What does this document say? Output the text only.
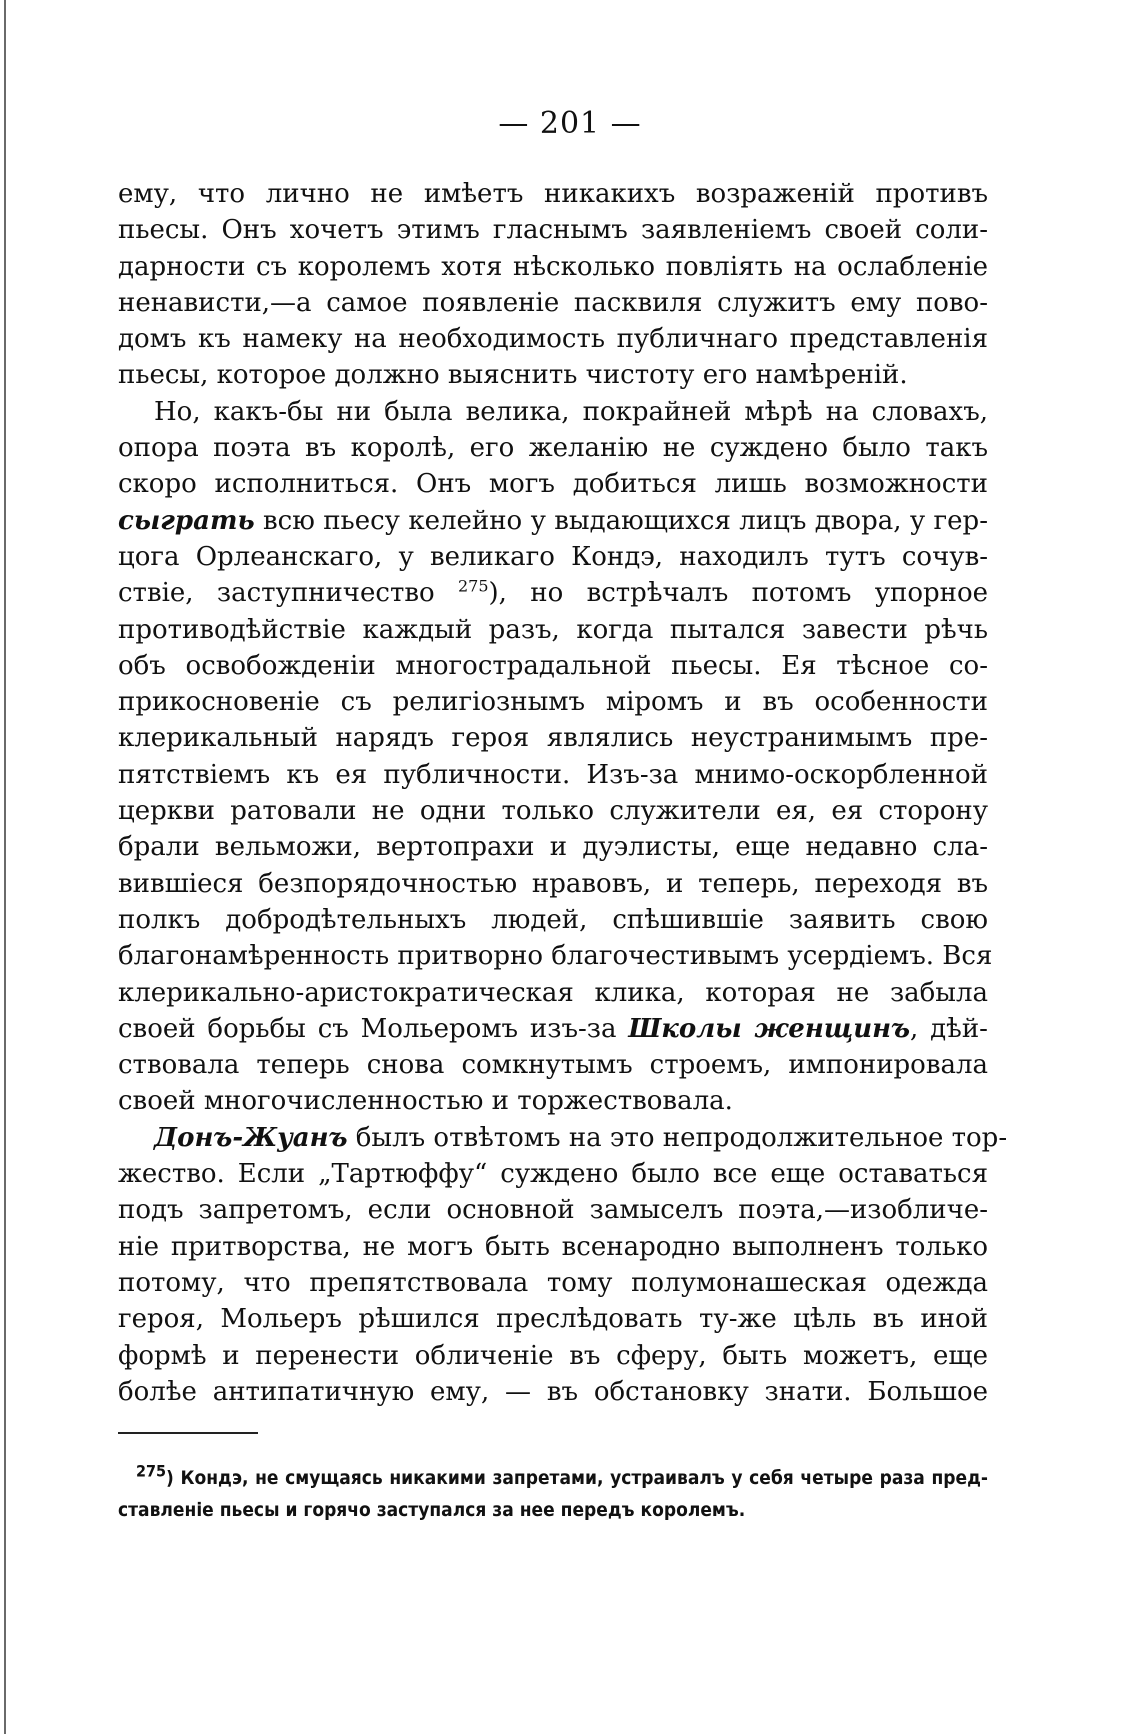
— 201 —
ему, что лично не имѣетъ никакихъ возраженій противъ
пьесы. Онъ хочетъ этимъ гласнымъ заявленіемъ своей соли-
дарности съ королемъ хотя нѣсколько повліять на ослабленіе
ненависти,—а самое появленіе пасквиля служитъ ему пово-
домъ къ намеку на необходимость публичнаго представленія
пьесы, которое должно выяснить чистоту его намѣреній.
Но, какъ-бы ни была велика, покрайней мѣрѣ на словахъ,
опора поэта въ королѣ, его желанію не суждено было такъ
скоро исполниться. Онъ могъ добиться лишь возможности
сыграть всю пьесу келейно у выдающихся лицъ двора, у гер-
цога Орлеанскаго, у великаго Кондэ, находилъ тутъ сочув-
ствіе, заступничество $^{275}$), но встрѣчалъ потомъ упорное
противодѣйствіе каждый разъ, когда пытался завести рѣчь
объ освобожденіи многострадальной пьесы. Ея тѣсное со-
прикосновеніе съ религіознымъ міромъ и въ особенности
клерикальный нарядъ героя являлись неустранимымъ пре-
пятствіемъ къ ея публичности. Изъ-за мнимо-оскорбленной
церкви ратовали не одни только служители ея, ея сторону
брали вельможи, вертопрахи и дуэлисты, еще недавно сла-
вившіеся безпорядочностью нравовъ, и теперь, переходя въ
полкъ добродѣтельныхъ людей, спѣшившіе заявить свою
благонамѣренность притворно благочестивымъ усердіемъ. Вся
клерикально-аристократическая клика, которая не забыла
своей борьбы съ Мольеромъ изъ-за Школы женщинъ, дѣй-
ствовала теперь снова сомкнутымъ строемъ, импонировала
своей многочисленностью и торжествовала.
Донъ-Жуанъ былъ отвѣтомъ на это непродолжительное тор-
жество. Если „Тартюффу“ суждено было все еще оставаться
подъ запретомъ, если основной замыселъ поэта,—изобличе-
ніе притворства, не могъ быть всенародно выполненъ только
потому, что препятствовала тому полумонашеская одежда
героя, Мольеръ рѣшился преслѣдовать ту-же цѣль въ иной
формѣ и перенести обличеніе въ сферу, быть можетъ, еще
болѣе антипатичную ему, — въ обстановку знати. Большое
$^{275}$) Кондэ, не смущаясь никакими запретами, устраивалъ у себя четыре раза пред-
ставленіе пьесы и горячо заступался за нее передъ королемъ.
